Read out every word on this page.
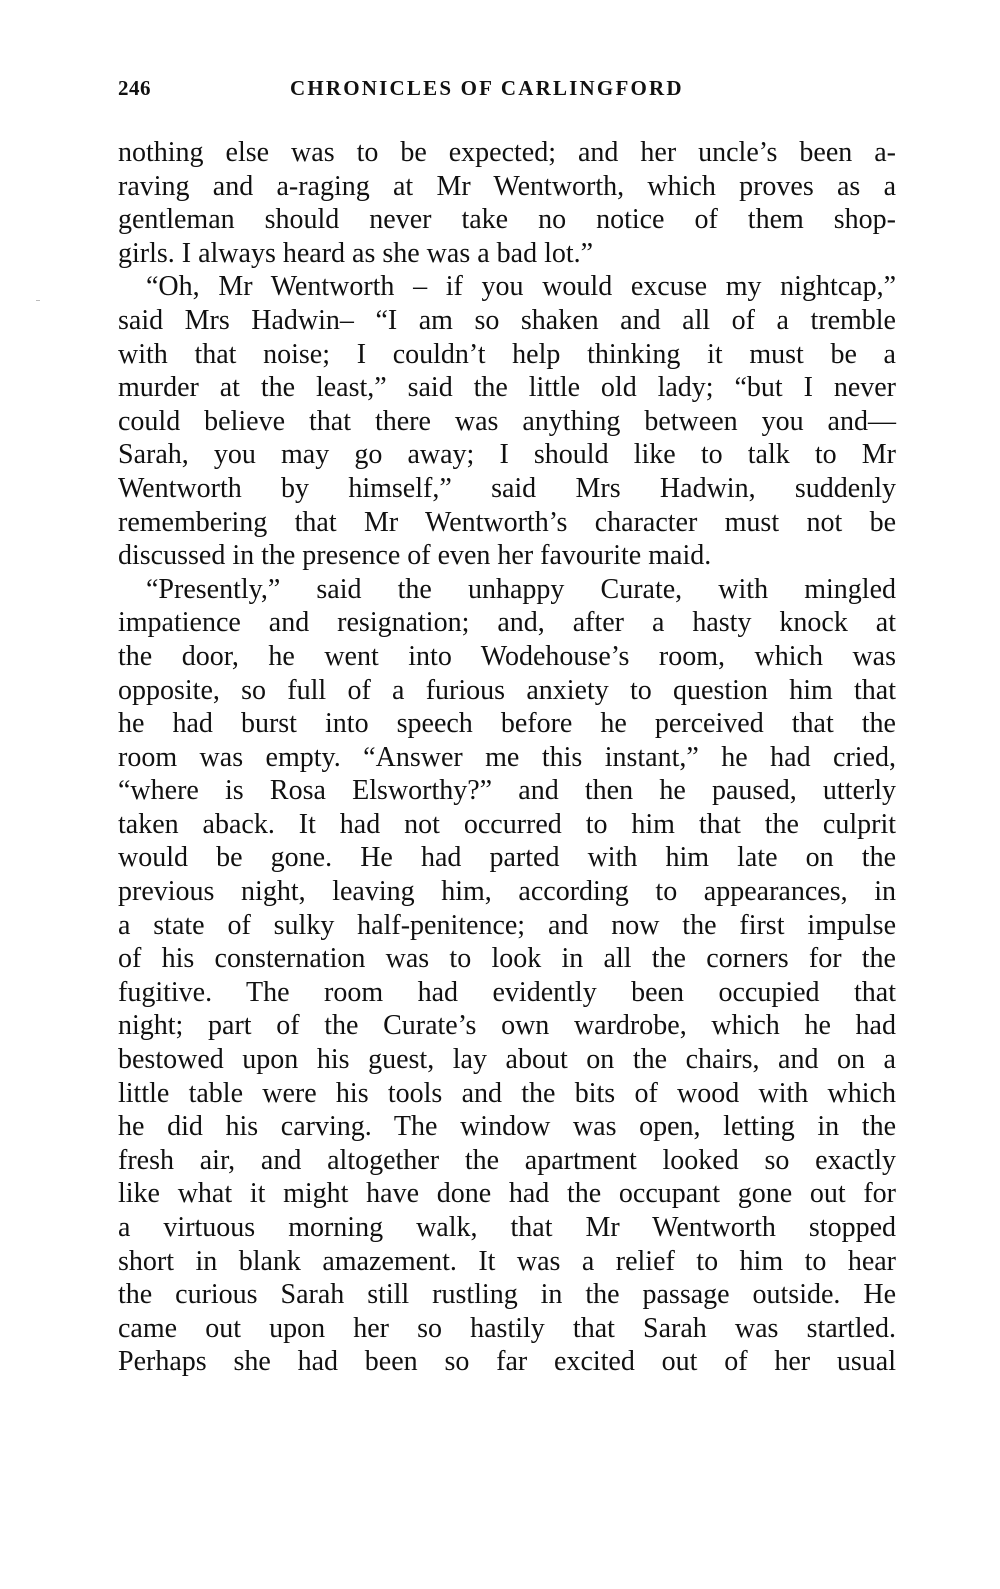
246	CHRONICLES OF CARLINGFORD
nothing else was to be expected; and her uncle’s been a-
raving and a-raging at Mr Wentworth, which proves as a
gentleman should never take no notice of them shop-
girls. I always heard as she was a bad lot.”
“Oh, Mr Wentworth – if you would excuse my nightcap,”
said Mrs Hadwin– “I am so shaken and all of a tremble
with that noise; I couldn’t help thinking it must be a
murder at the least,” said the little old lady; “but I never
could believe that there was anything between you and—
Sarah, you may go away; I should like to talk to Mr
Wentworth by himself,” said Mrs Hadwin, suddenly
remembering that Mr Wentworth’s character must not be
discussed in the presence of even her favourite maid.
“Presently,” said the unhappy Curate, with mingled
impatience and resignation; and, after a hasty knock at
the door, he went into Wodehouse’s room, which was
opposite, so full of a furious anxiety to question him that
he had burst into speech before he perceived that the
room was empty. “Answer me this instant,” he had cried,
“where is Rosa Elsworthy?” and then he paused, utterly
taken aback. It had not occurred to him that the culprit
would be gone. He had parted with him late on the
previous night, leaving him, according to appearances, in
a state of sulky half-penitence; and now the first impulse
of his consternation was to look in all the corners for the
fugitive. The room had evidently been occupied that
night; part of the Curate’s own wardrobe, which he had
bestowed upon his guest, lay about on the chairs, and on a
little table were his tools and the bits of wood with which
he did his carving. The window was open, letting in the
fresh air, and altogether the apartment looked so exactly
like what it might have done had the occupant gone out for
a virtuous morning walk, that Mr Wentworth stopped
short in blank amazement. It was a relief to him to hear
the curious Sarah still rustling in the passage outside. He
came out upon her so hastily that Sarah was startled.
Perhaps she had been so far excited out of her usual
